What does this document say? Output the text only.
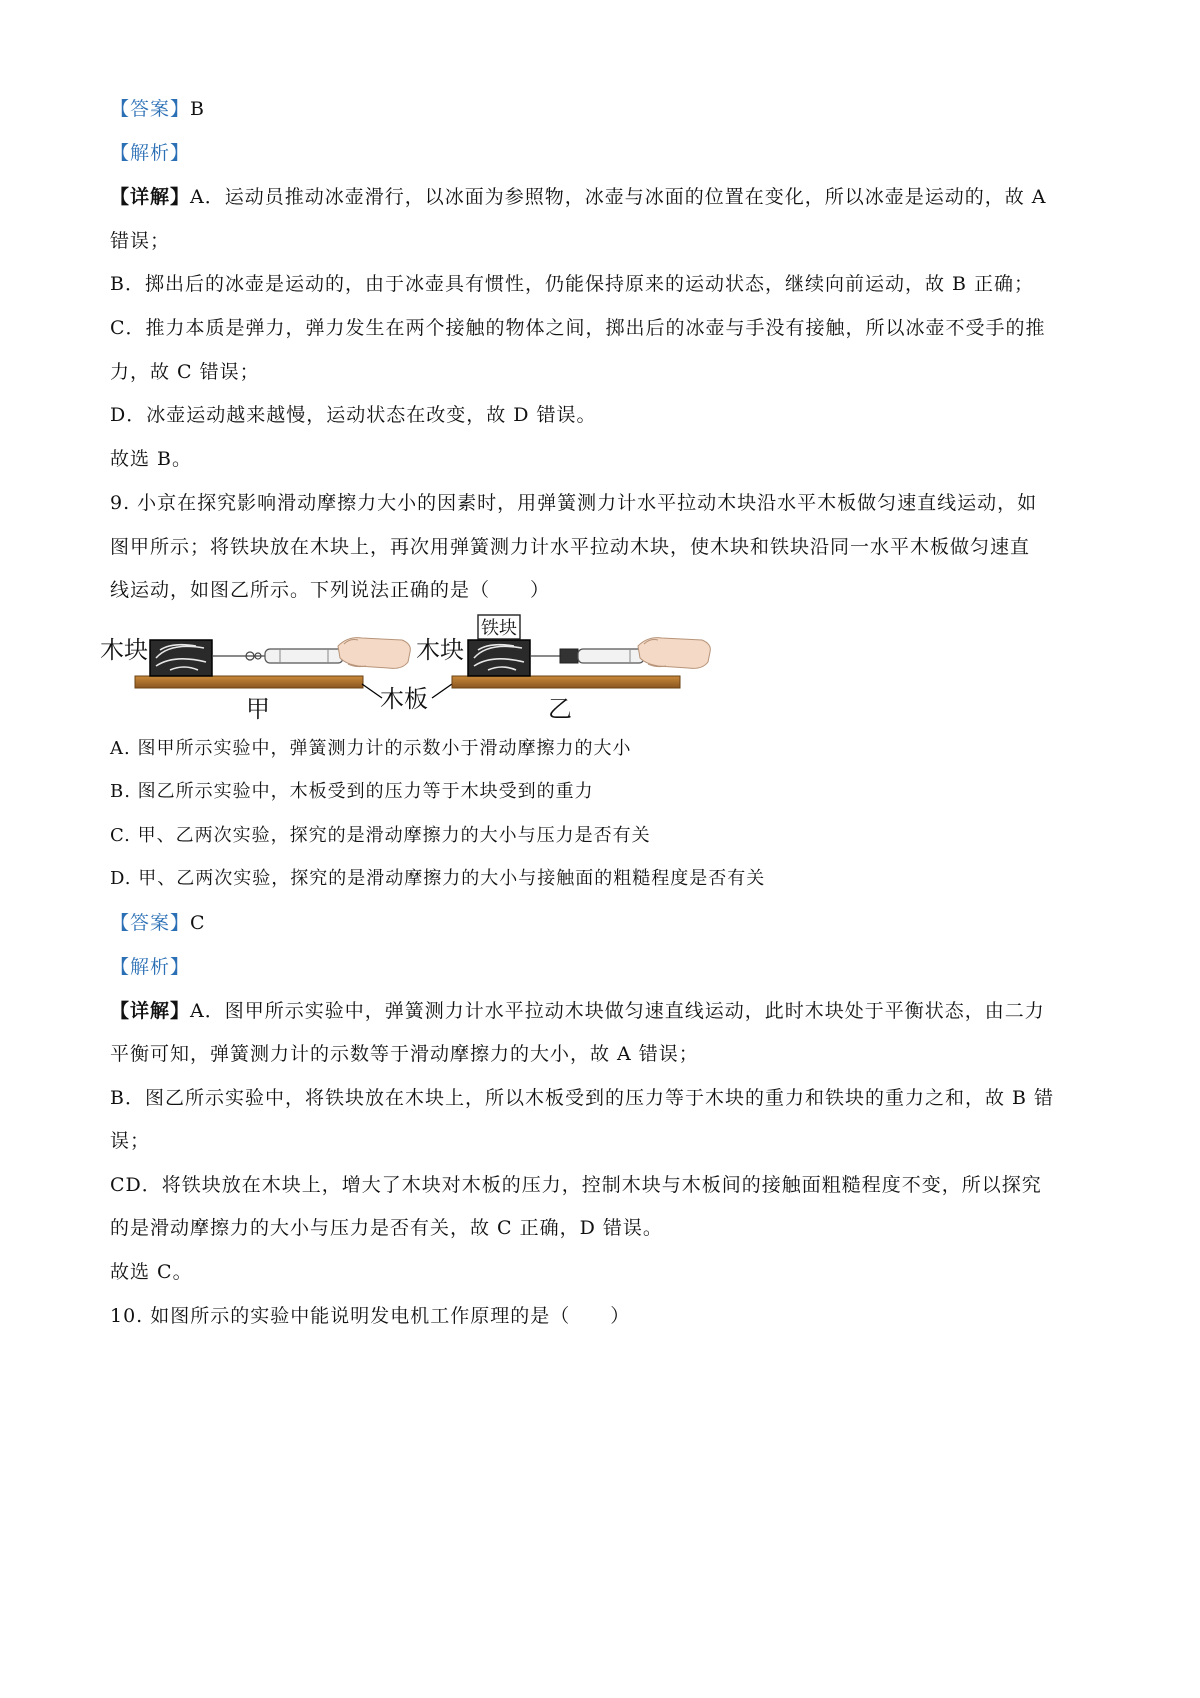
【答案】B
【解析】
【详解】A．运动员推动冰壶滑行，以冰面为参照物，冰壶与冰面的位置在变化，所以冰壶是运动的，故 A
错误；
B．掷出后的冰壶是运动的，由于冰壶具有惯性，仍能保持原来的运动状态，继续向前运动，故 B 正确；
C．推力本质是弹力，弹力发生在两个接触的物体之间，掷出后的冰壶与手没有接触，所以冰壶不受手的推
力，故 C 错误；
D．冰壶运动越来越慢，运动状态在改变，故 D 错误。
故选 B。
9. 小京在探究影响滑动摩擦力大小的因素时，用弹簧测力计水平拉动木块沿水平木板做匀速直线运动，如
图甲所示；将铁块放在木块上，再次用弹簧测力计水平拉动木块，使木块和铁块沿同一水平木板做匀速直
线运动，如图乙所示。下列说法正确的是（　　）
木块
木板
铁块
木块
甲	乙
A. 图甲所示实验中，弹簧测力计的示数小于滑动摩擦力的大小
B. 图乙所示实验中，木板受到的压力等于木块受到的重力
C. 甲、乙两次实验，探究的是滑动摩擦力的大小与压力是否有关
D. 甲、乙两次实验，探究的是滑动摩擦力的大小与接触面的粗糙程度是否有关
【答案】C
【解析】
【详解】A．图甲所示实验中，弹簧测力计水平拉动木块做匀速直线运动，此时木块处于平衡状态，由二力
平衡可知，弹簧测力计的示数等于滑动摩擦力的大小，故 A 错误；
B．图乙所示实验中，将铁块放在木块上，所以木板受到的压力等于木块的重力和铁块的重力之和，故 B 错
误；
CD．将铁块放在木块上，增大了木块对木板的压力，控制木块与木板间的接触面粗糙程度不变，所以探究
的是滑动摩擦力的大小与压力是否有关，故 C 正确，D 错误。
故选 C。
10. 如图所示的实验中能说明发电机工作原理的是（　　）
